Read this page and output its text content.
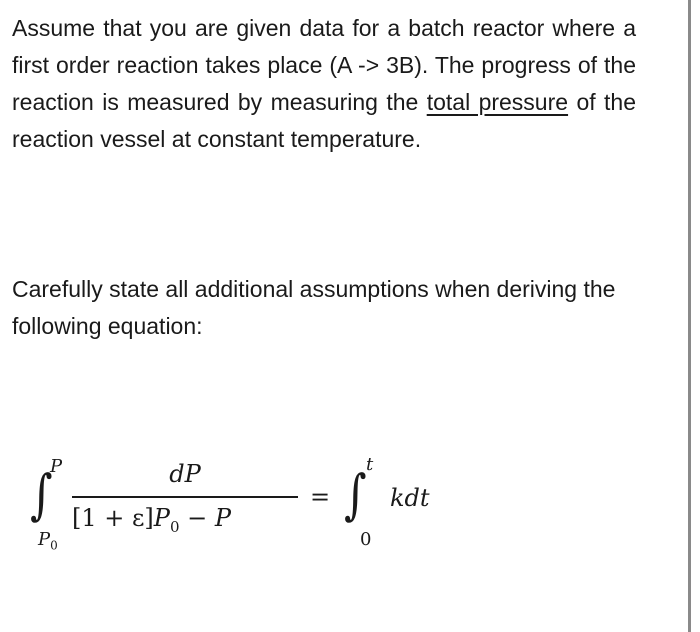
Assume that you are given data for a batch reactor where a first order reaction takes place (A -> 3B). The progress of the reaction is measured by measuring the total pressure of the reaction vessel at constant temperature.
Carefully state all additional assumptions when deriving the following equation:
∫
P
$P_0$
dP
$[1 + \varepsilon]P_0 - P$
= ∫ t
0
kdt
